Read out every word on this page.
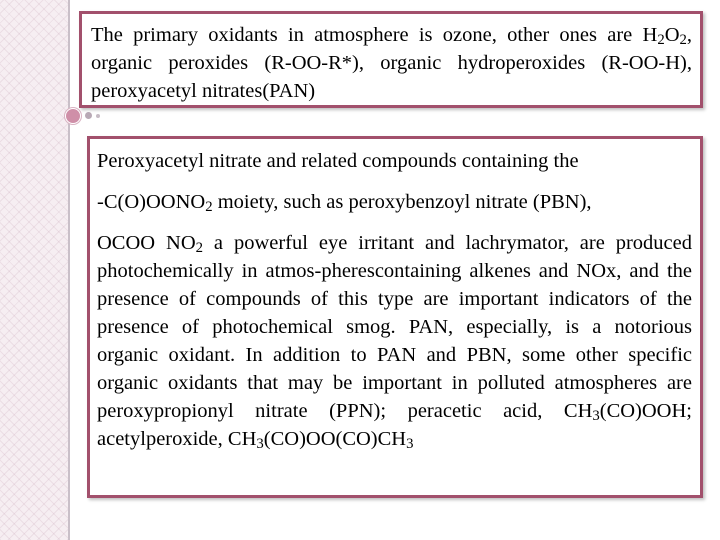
The primary oxidants in atmosphere is ozone, other ones are $H_2O_2$, organic peroxides (R-OO-R*), organic hydroperoxides (R-OO-H), peroxyacetyl nitrates(PAN)

Peroxyacetyl nitrate and related compounds containing the

$-C(O)OONO_2$ moiety, such as peroxybenzoyl nitrate (PBN),

OCOO $NO_2$ a powerful eye irritant and lachrymator, are produced photochemically in atmos-pherescontaining alkenes and NOx, and the presence of compounds of this type are important indicators of the presence of photochemical smog. PAN, especially, is a notorious organic oxidant. In addition to PAN and PBN, some other specific organic oxidants that may be important in polluted atmospheres are peroxypropionyl nitrate (PPN); peracetic acid, $CH_3(CO)OOH$; acetylperoxide, $CH_3(CO)OO(CO)CH_3$
